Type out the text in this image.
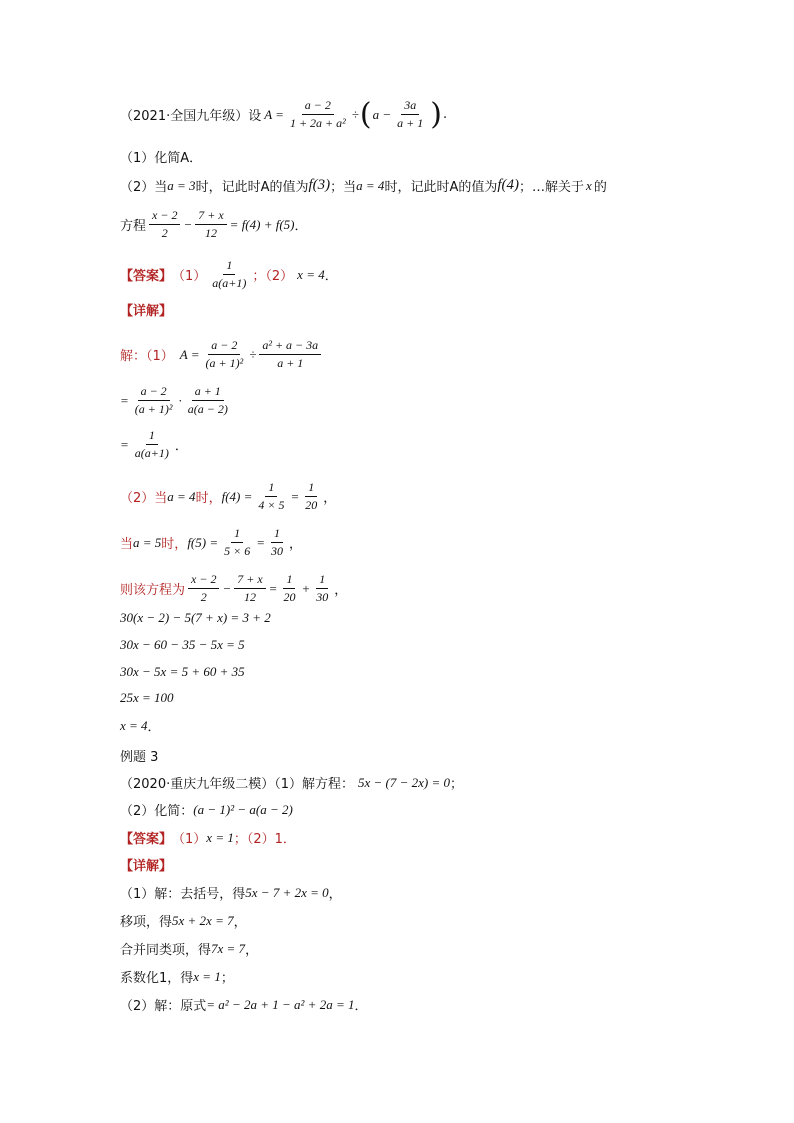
（2021·全国九年级）设 $A = \frac{a - 2}{\text{1 + 2a + a²}}$ ÷ ( $a - \frac{3a}{a + 1}$ ) .
（1）化简A．
（2）当 a = 3 时，记此时A的值为 f(3) ；当 a = 4 时，记此时A的值为 f(4) ；…解关于 x 的
方程 $\frac{x - 2}{2} - \frac{7 + x}{12} = f(4) + f(5)$ ．
【答案】 $(1) \frac{1}{a(a+1)}$ ；（2） x = 4 ．
【详解】
解：（1） $A = \frac{a - 2}{\text{(a + 1)²}} \div \frac{\text{a² + a − 3a}}{a + 1}$
= $\frac{a - 2}{\text{(a + 1)²}} \cdot \frac{a + 1}{a(a - 2)}$
= $\frac{1}{a(a+1)}$ ．
（2）当 a = 4 时， $f(4) = \frac{1}{4 \times 5} = \frac{1}{20}$ ，
当 a = 5 时， $f(5) = \frac{1}{5 \times 6} = \frac{1}{30}$ ，
则该方程为 $\frac{x - 2}{2} - \frac{7 + x}{12} = \frac{1}{20} + \frac{1}{30}$ ，
30(x − 2) − 5(7 + x) = 3 + 2
30x − 60 − 35 − 5x = 5
30x − 5x = 5 + 60 + 35
25x = 100
x = 4 ．
例题 3
（2020·重庆九年级二模）（1）解方程： 5x − (7 − 2x) = 0 ；
（2）化简： (a − 1)² − a(a − 2)
【答案】 （1） x = 1 ；（2）1．
【详解】
（1）解：去括号，得 5x − 7 + 2x = 0 ，
移项，得 5x + 2x = 7 ，
合并同类项，得 7x = 7 ，
系数化1，得 x = 1 ；
（2）解：原式 = a² − 2a + 1 − a² + 2a = 1 ．
